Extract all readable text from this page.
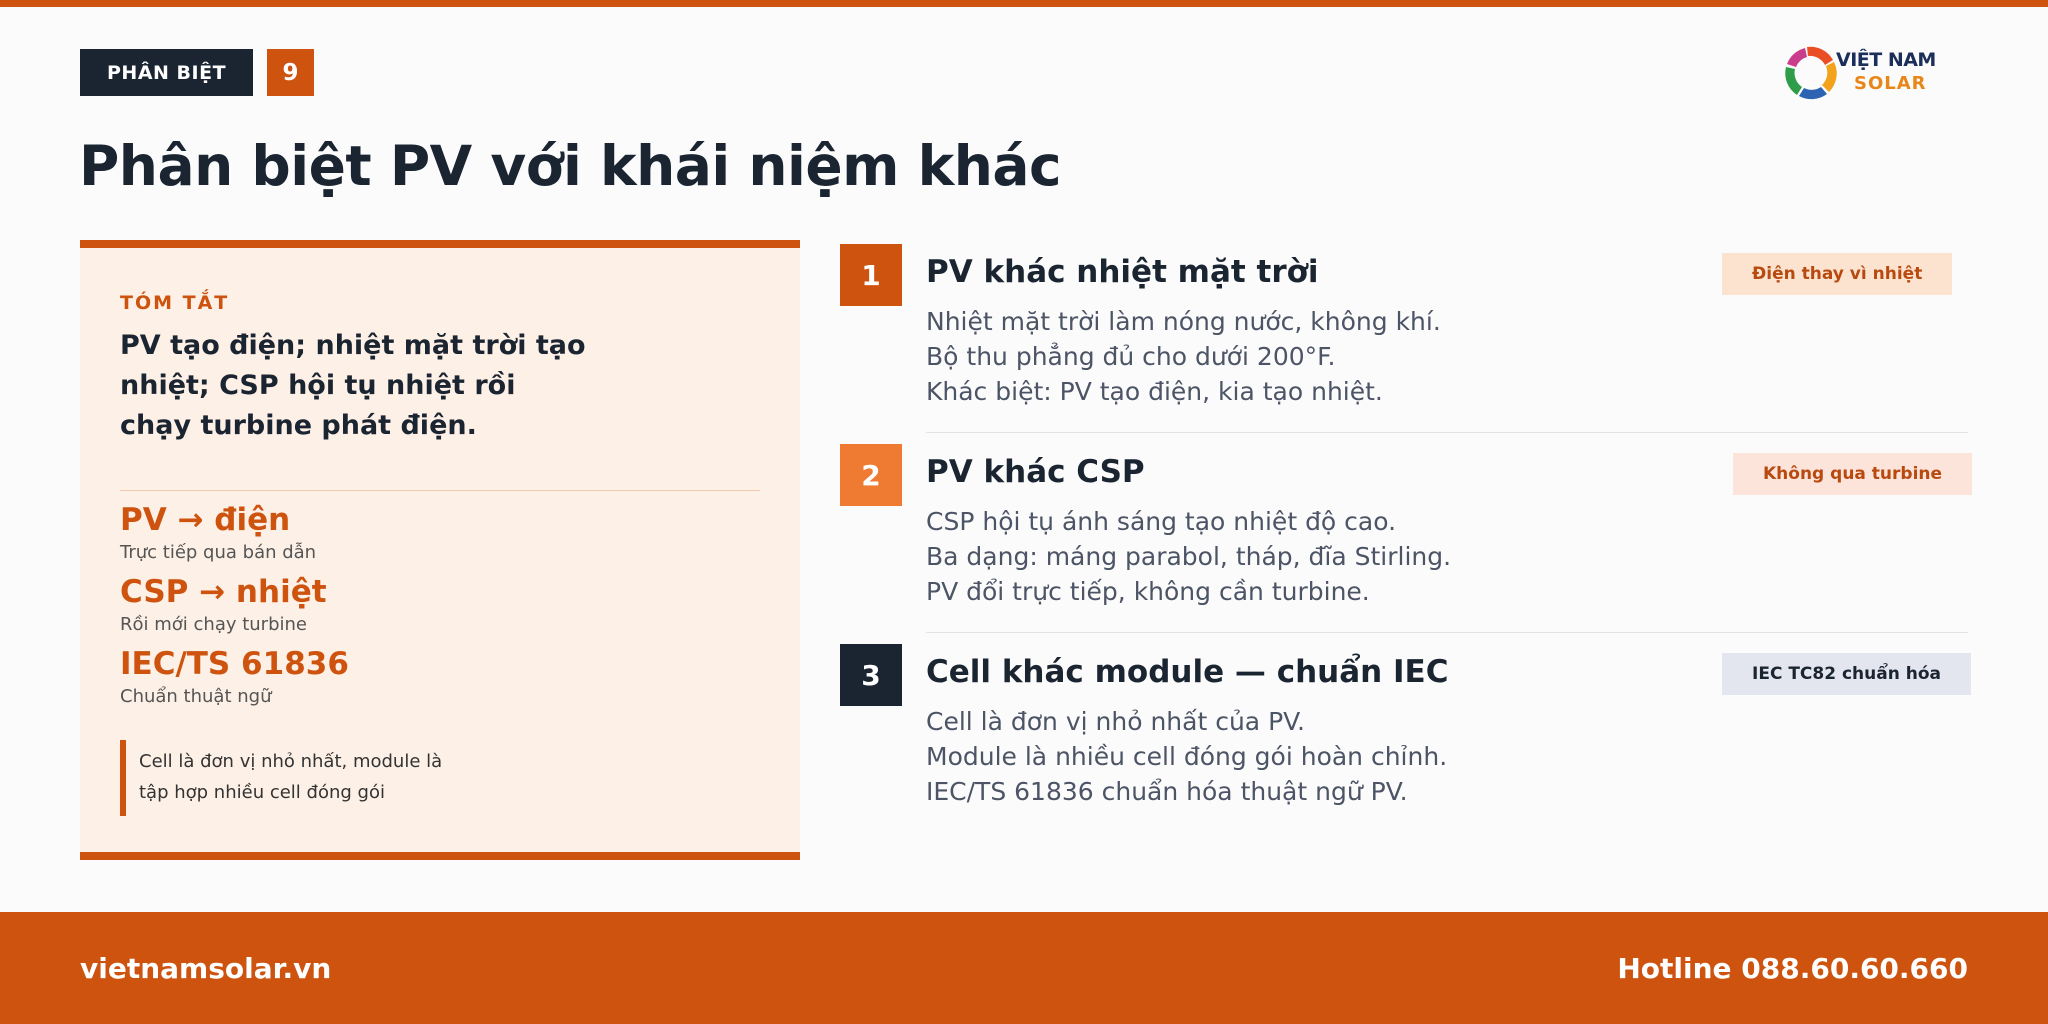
PHÂN BIỆT	9	VIỆT NAM
SOLAR
Phân biệt PV với khái niệm khác
TÓM TẮT
PV tạo điện; nhiệt mặt trời tạo nhiệt; CSP hội tụ nhiệt rồi chạy turbine phát điện.
PV → điện
Trực tiếp qua bán dẫn
CSP → nhiệt
Rồi mới chạy turbine
IEC/TS 61836
Chuẩn thuật ngữ
Cell là đơn vị nhỏ nhất, module là
tập hợp nhiều cell đóng gói
1	PV khác nhiệt mặt trời	Điện thay vì nhiệt
Nhiệt mặt trời làm nóng nước, không khí.
Bộ thu phẳng đủ cho dưới 200°F.
Khác biệt: PV tạo điện, kia tạo nhiệt.
2	PV khác CSP	Không qua turbine
CSP hội tụ ánh sáng tạo nhiệt độ cao.
Ba dạng: máng parabol, tháp, đĩa Stirling.
PV đổi trực tiếp, không cần turbine.
3	Cell khác module — chuẩn IEC	IEC TC82 chuẩn hóa
Cell là đơn vị nhỏ nhất của PV.
Module là nhiều cell đóng gói hoàn chỉnh.
IEC/TS 61836 chuẩn hóa thuật ngữ PV.
vietnamsolar.vn	Hotline 088.60.60.660
